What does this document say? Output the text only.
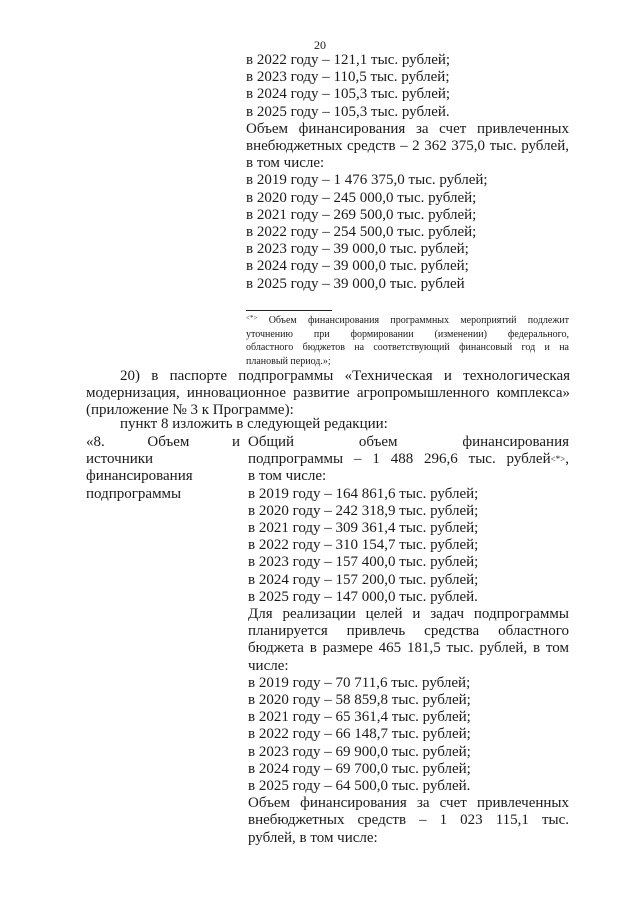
20
в 2022 году – 121,1 тыс. рублей;
в 2023 году – 110,5 тыс. рублей;
в 2024 году – 105,3 тыс. рублей;
в 2025 году – 105,3 тыс. рублей.
Объем финансирования за счет привлеченных
внебюджетных средств – 2 362 375,0 тыс. рублей,
в том числе:
в 2019 году – 1 476 375,0 тыс. рублей;
в 2020 году – 245 000,0 тыс. рублей;
в 2021 году – 269 500,0 тыс. рублей;
в 2022 году – 254 500,0 тыс. рублей;
в 2023 году – 39 000,0 тыс. рублей;
в 2024 году – 39 000,0 тыс. рублей;
в 2025 году – 39 000,0 тыс. рублей
<*> Объем финансирования программных мероприятий подлежит
уточнению при формировании (изменении) федерального,
областного бюджетов на соответствующий финансовый год и на
плановый период.»;
20) в паспорте подпрограммы «Техническая и технологическая
модернизация, инновационное развитие агропромышленного комплекса»
(приложение № 3 к Программе):
пункт 8 изложить в следующей редакции:
«8. Объем и
источники
финансирования
подпрограммы
Общий объем финансирования
подпрограммы – 1 488 296,6 тыс. рублей <*> ,
в том числе:
в 2019 году – 164 861,6 тыс. рублей;
в 2020 году – 242 318,9 тыс. рублей;
в 2021 году – 309 361,4 тыс. рублей;
в 2022 году – 310 154,7 тыс. рублей;
в 2023 году – 157 400,0 тыс. рублей;
в 2024 году – 157 200,0 тыс. рублей;
в 2025 году – 147 000,0 тыс. рублей.
Для реализации целей и задач подпрограммы
планируется привлечь средства областного
бюджета в размере 465 181,5 тыс. рублей, в том
числе:
в 2019 году – 70 711,6 тыс. рублей;
в 2020 году – 58 859,8 тыс. рублей;
в 2021 году – 65 361,4 тыс. рублей;
в 2022 году – 66 148,7 тыс. рублей;
в 2023 году – 69 900,0 тыс. рублей;
в 2024 году – 69 700,0 тыс. рублей;
в 2025 году – 64 500,0 тыс. рублей.
Объем финансирования за счет привлеченных
внебюджетных средств – 1 023 115,1 тыс.
рублей, в том числе:
